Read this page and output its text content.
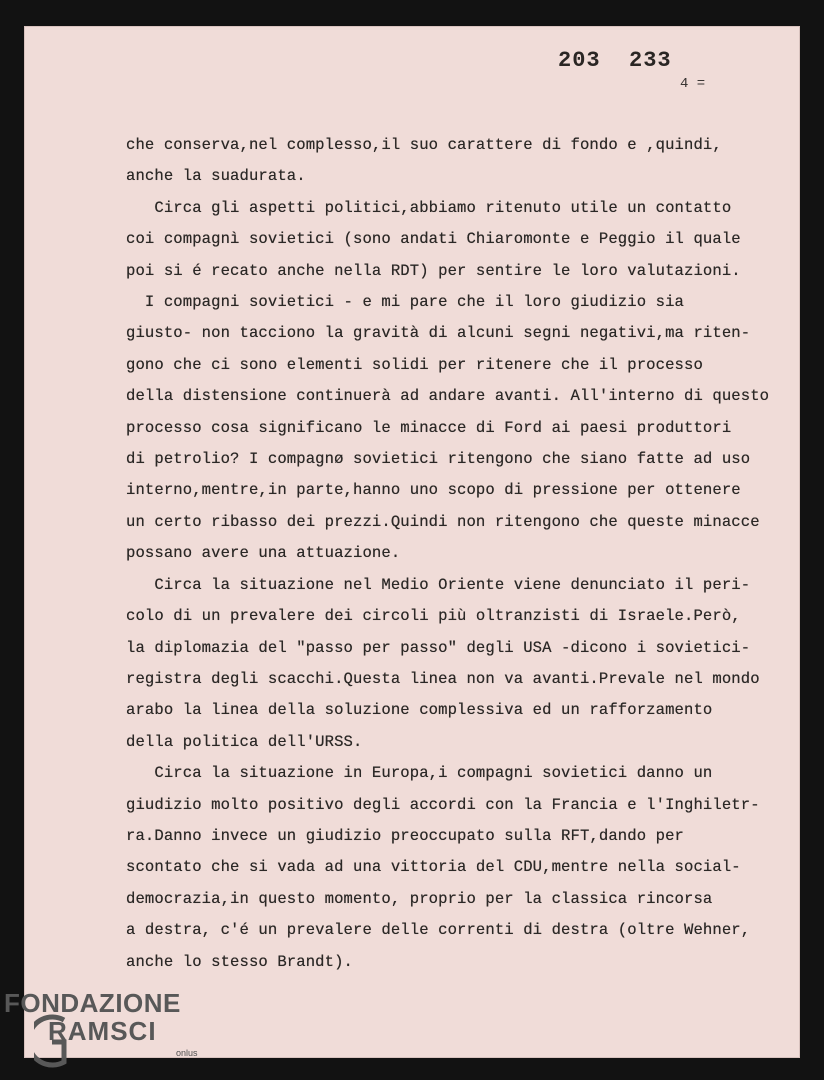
203  233
4 =
che conserva,nel complesso,il suo carattere di fondo e ,quindi,
anche la suadurata.
Circa gli aspetti politici,abbiamo ritenuto utile un contatto
coi compagnì sovietici (sono andati Chiaromonte e Peggio il quale
poi si é recato anche nella RDT) per sentire le loro valutazioni.
I compagni sovietici - e mi pare che il loro giudizio sia
giusto- non tacciono la gravità di alcuni segni negativi,ma riten-
gono che ci sono elementi solidi per ritenere che il processo
della distensione continuerà ad andare avanti. All'interno di questo
processo cosa significano le minacce di Ford ai paesi produttori
di petrolio? I compagnø sovietici ritengono che siano fatte ad uso
interno,mentre,in parte,hanno uno scopo di pressione per ottenere
un certo ribasso dei prezzi.Quindi non ritengono che queste minacce
possano avere una attuazione.
Circa la situazione nel Medio Oriente viene denunciato il peri-
colo di un prevalere dei circoli più oltranzisti di Israele.Però,
la diplomazia del "passo per passo" degli USA -dicono i sovietici-
registra degli scacchi.Questa linea non va avanti.Prevale nel mondo
arabo la linea della soluzione complessiva ed un rafforzamento
della politica dell'URSS.
Circa la situazione in Europa,i compagni sovietici danno un
giudizio molto positivo degli accordi con la Francia e l'Inghiletr-
ra.Danno invece un giudizio preoccupato sulla RFT,dando per
scontato che si vada ad una vittoria del CDU,mentre nella social-
democrazia,in questo momento, proprio per la classica rincorsa
a destra, c'é un prevalere delle correnti di destra (oltre Wehner,
anche lo stesso Brandt).
FONDAZIONE
RAMSCI
onlus
